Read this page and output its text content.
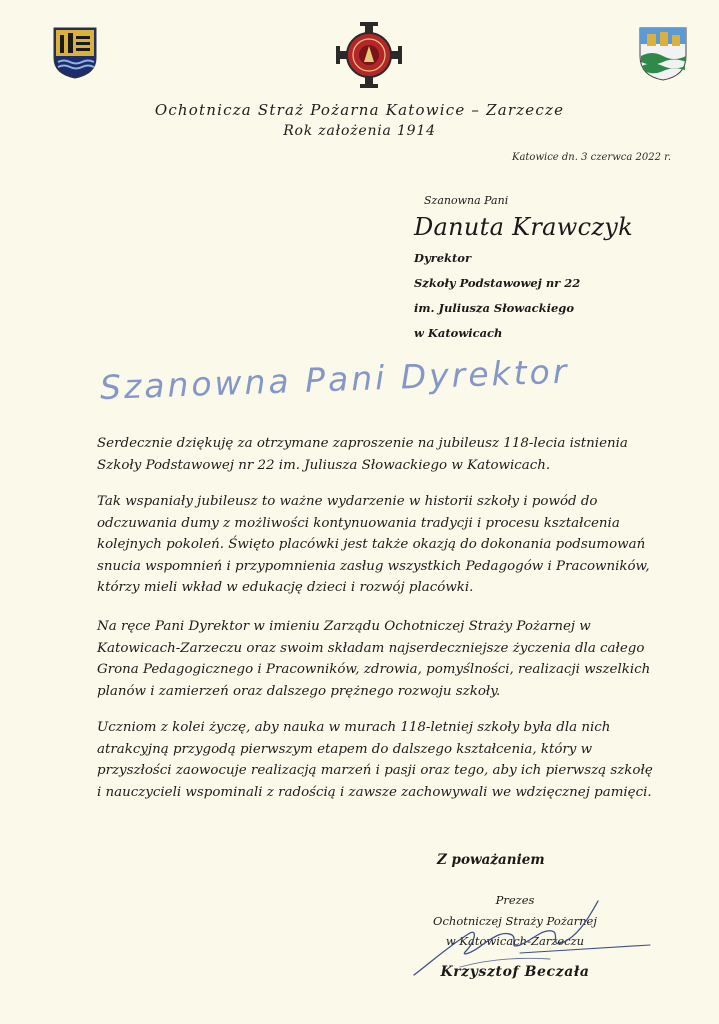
Ochotnicza Straż Pożarna Katowice – Zarzecze
Rok założenia 1914
Katowice dn. 3 czerwca 2022 r.
Szanowna Pani
Danuta Krawczyk
Dyrektor
Szkoły Podstawowej nr 22
im. Juliusza Słowackiego
w Katowicach
Szanowna Pani Dyrektor

Serdecznie dziękuję za otrzymane zaproszenie na jubileusz 118-lecia istnienia

Szkoły Podstawowej nr 22 im. Juliusza Słowackiego w Katowicach.

Tak wspaniały jubileusz to ważne wydarzenie w historii szkoły i powód do

odczuwania dumy z możliwości kontynuowania tradycji i procesu kształcenia

kolejnych pokoleń. Święto placówki jest także okazją do dokonania podsumowań

snucia wspomnień i przypomnienia zasług wszystkich Pedagogów i Pracowników,

którzy mieli wkład w edukację dzieci i rozwój placówki.

Na ręce Pani Dyrektor w imieniu Zarządu Ochotniczej Straży Pożarnej w

Katowicach-Zarzeczu oraz swoim składam najserdeczniejsze życzenia dla całego

Grona Pedagogicznego i Pracowników, zdrowia, pomyślności, realizacji wszelkich

planów i zamierzeń oraz dalszego prężnego rozwoju szkoły.

Uczniom z kolei życzę, aby nauka w murach 118-letniej szkoły była dla nich

atrakcyjną przygodą pierwszym etapem do dalszego kształcenia, który w

przyszłości zaowocuje realizacją marzeń i pasji oraz tego, aby ich pierwszą szkołę

i nauczycieli wspominali z radością i zawsze zachowywali we wdzięcznej pamięci.

Z poważaniem
Prezes
Ochotniczej Straży Pożarnej
w Katowicach-Zarzeczu
Krzysztof Beczała
